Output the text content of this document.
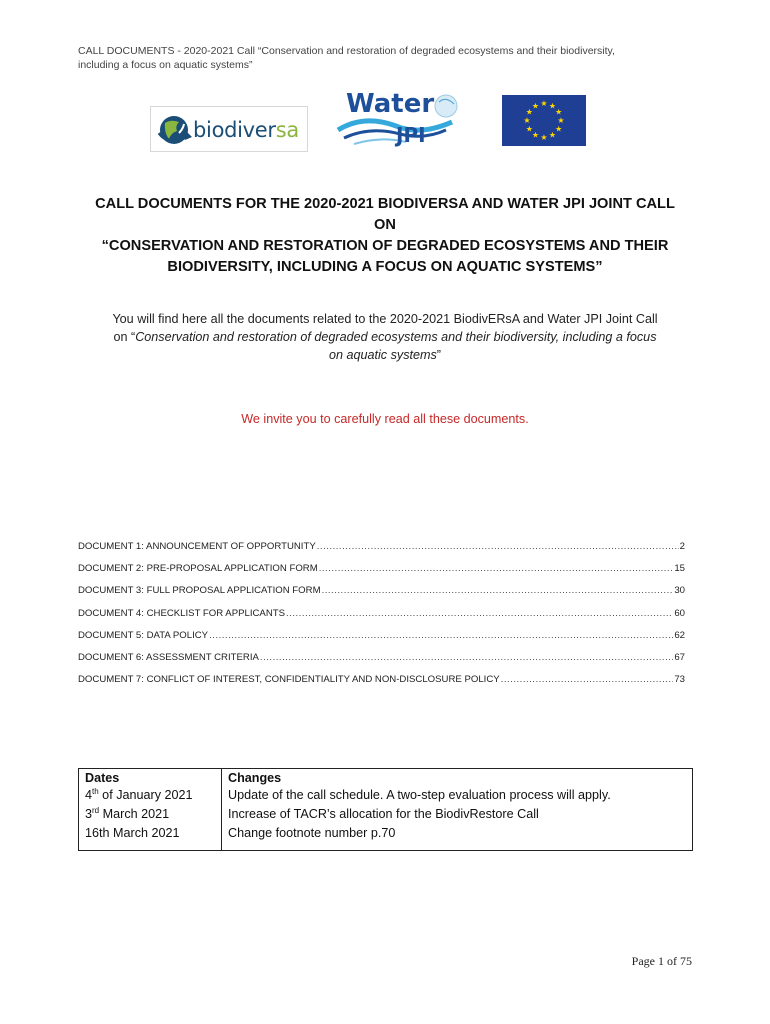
CALL DOCUMENTS - 2020-2021 Call “Conservation and restoration of degraded ecosystems and their biodiversity,
including a focus on aquatic systems”
biodiversa
Water
JPI
★ ★
★
★
★
★
★
★
★
★
★
★
CALL DOCUMENTS FOR THE 2020-2021 BIODIVERSA AND WATER JPI JOINT CALL
ON
“CONSERVATION AND RESTORATION OF DEGRADED ECOSYSTEMS AND THEIR
BIODIVERSITY, INCLUDING A FOCUS ON AQUATIC SYSTEMS”
You will find here all the documents related to the 2020-2021 BiodivERsA and Water JPI Joint Call
on “Conservation and restoration of degraded ecosystems and their biodiversity, including a focus
on aquatic systems”
We invite you to carefully read all these documents.
DOCUMENT 1: ANNOUNCEMENT OF OPPORTUNITY .....	2
DOCUMENT 2: PRE-PROPOSAL APPLICATION FORM .....	15
DOCUMENT 3: FULL PROPOSAL APPLICATION FORM .....	30
DOCUMENT 4: CHECKLIST FOR APPLICANTS .....	60
DOCUMENT 5: DATA POLICY .....	62
DOCUMENT 6: ASSESSMENT CRITERIA .....	67
DOCUMENT 7: CONFLICT OF INTEREST, CONFIDENTIALITY AND NON-DISCLOSURE POLICY .....	73
Dates	Changes
4th of January 2021	Update of the call schedule. A two-step evaluation process will apply.
3rd March 2021	Increase of TACR’s allocation for the BiodivRestore Call
16th March 2021	Change footnote number p.70
Page 1 of 75
